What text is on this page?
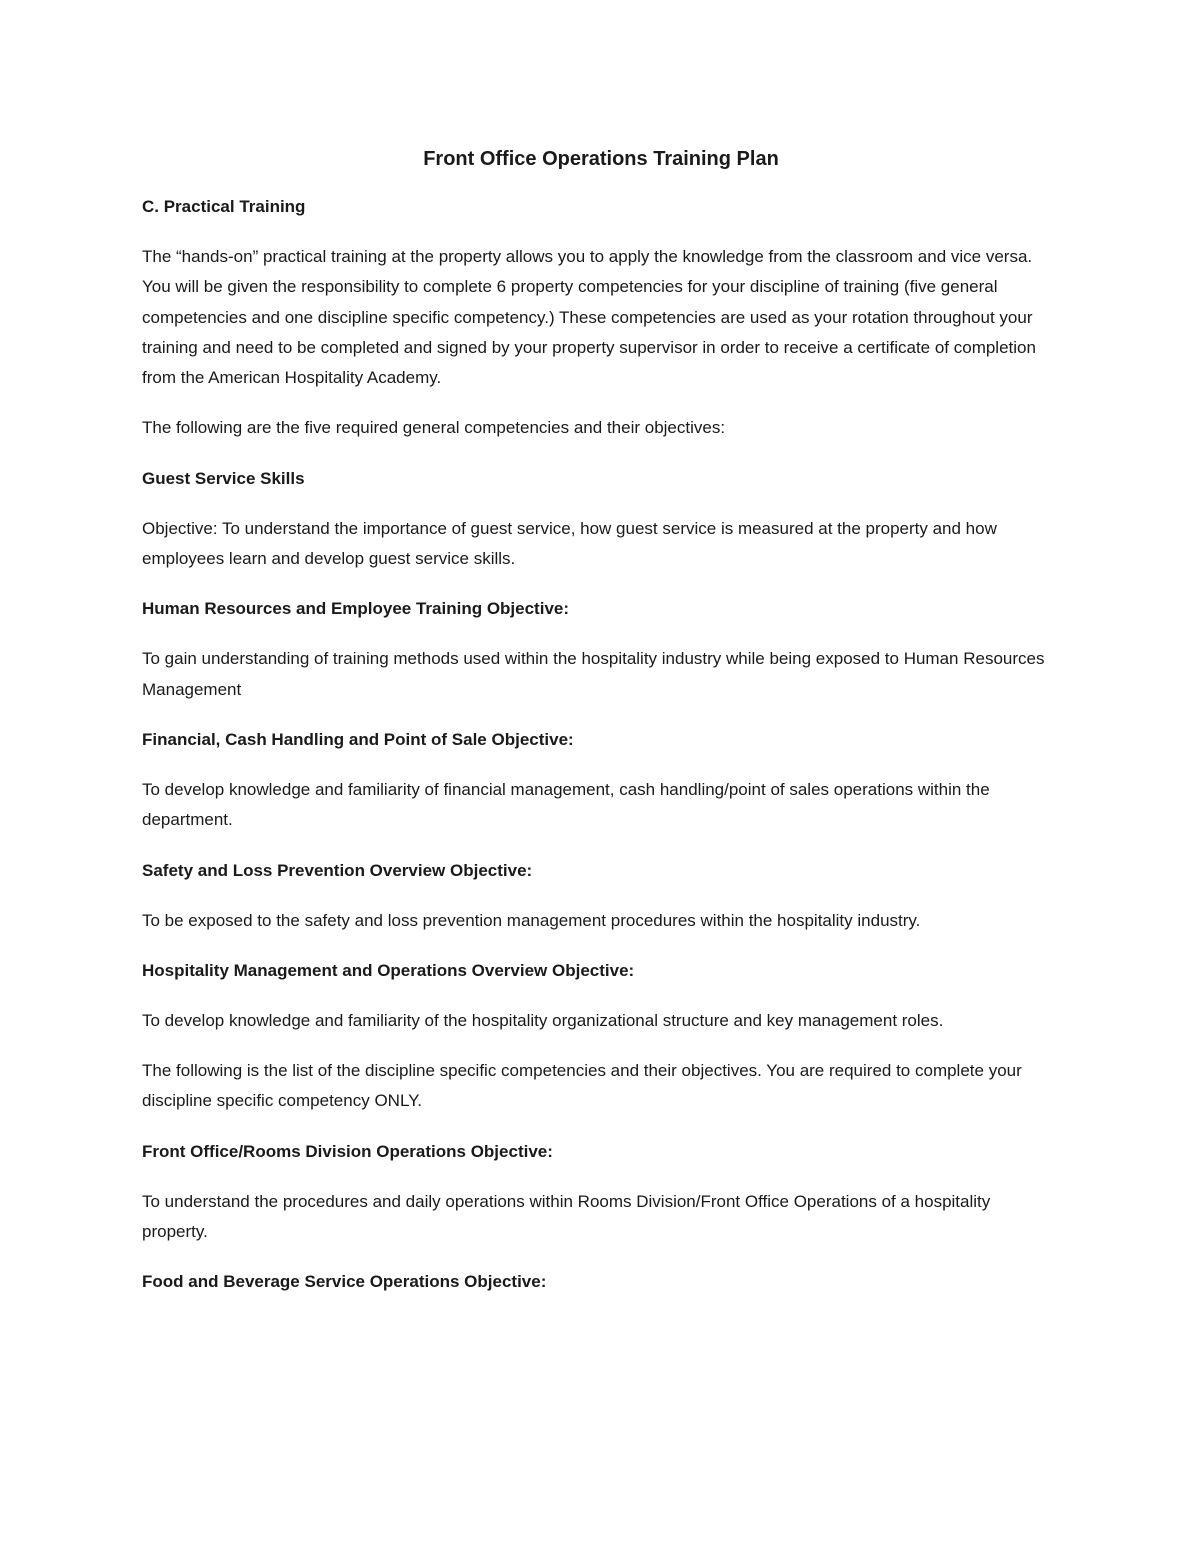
Front Office Operations Training Plan
C. Practical Training
The “hands-on” practical training at the property allows you to apply the knowledge from the classroom and vice versa. You will be given the responsibility to complete 6 property competencies for your discipline of training (five general competencies and one discipline specific competency.) These competencies are used as your rotation throughout your training and need to be completed and signed by your property supervisor in order to receive a certificate of completion from the American Hospitality Academy.
The following are the five required general competencies and their objectives:
Guest Service Skills
Objective: To understand the importance of guest service, how guest service is measured at the property and how employees learn and develop guest service skills.
Human Resources and Employee Training Objective:
To gain understanding of training methods used within the hospitality industry while being exposed to Human Resources Management
Financial, Cash Handling and Point of Sale Objective:
To develop knowledge and familiarity of financial management, cash handling/point of sales operations within the department.
Safety and Loss Prevention Overview Objective:
To be exposed to the safety and loss prevention management procedures within the hospitality industry.
Hospitality Management and Operations Overview Objective:
To develop knowledge and familiarity of the hospitality organizational structure and key management roles.
The following is the list of the discipline specific competencies and their objectives. You are required to complete your discipline specific competency ONLY.
Front Office/Rooms Division Operations Objective:
To understand the procedures and daily operations within Rooms Division/Front Office Operations of a hospitality property.
Food and Beverage Service Operations Objective:
